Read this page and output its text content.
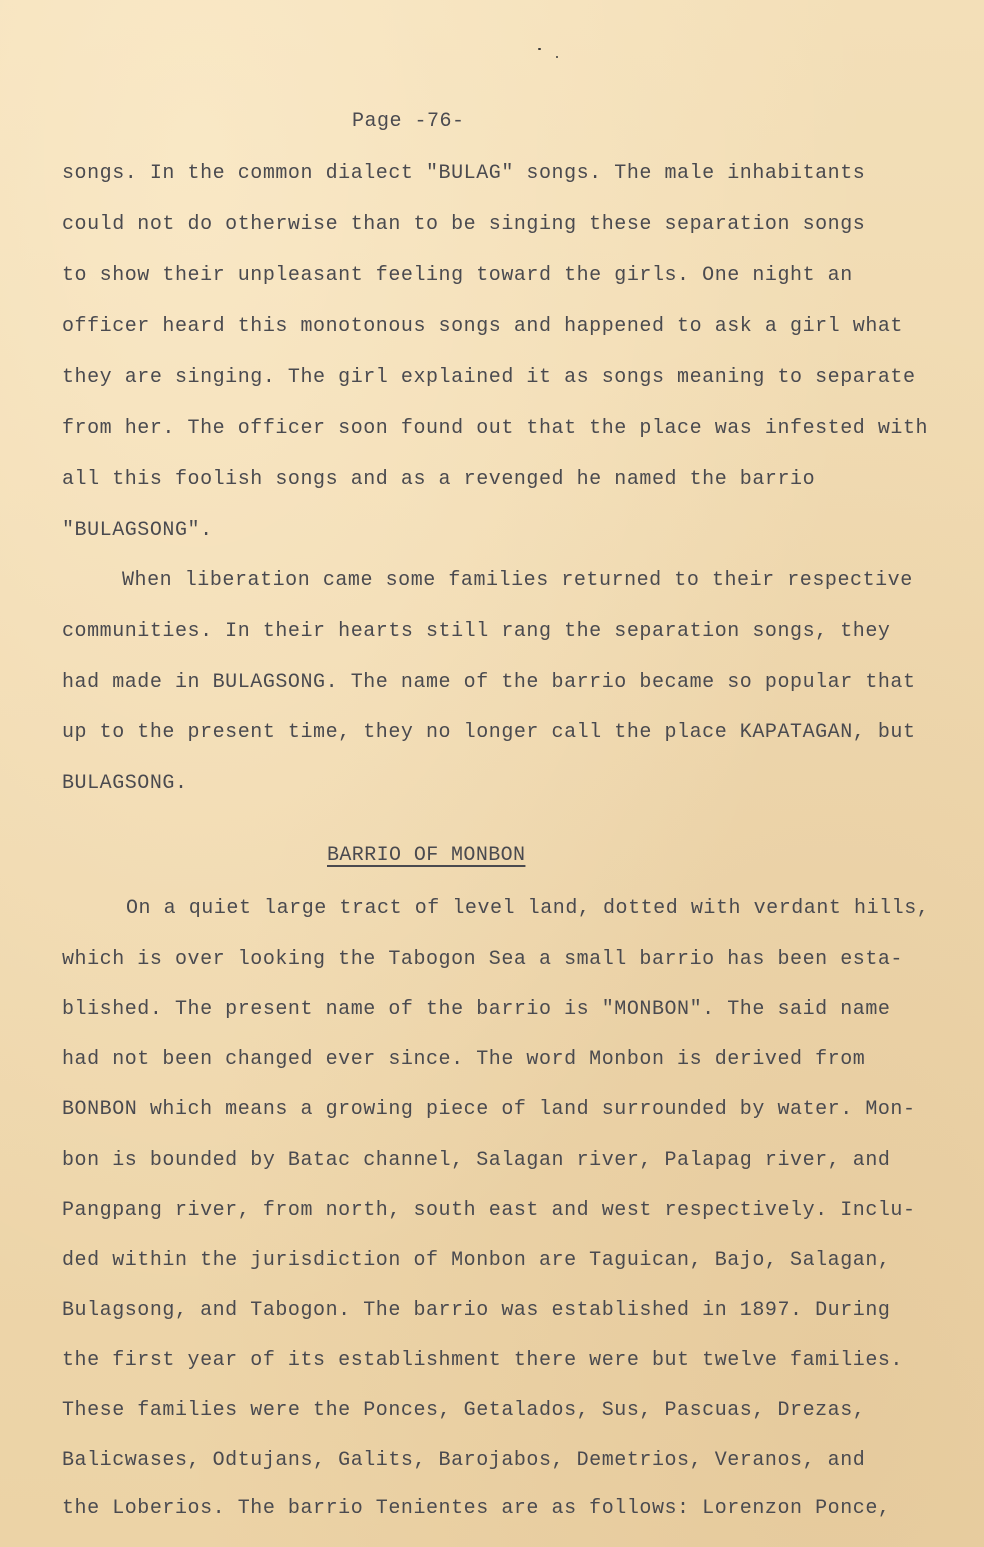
Page -76-
songs. In the common dialect "BULAG" songs. The male inhabitants
could not do otherwise than to be singing these separation songs
to show their unpleasant feeling toward the girls. One night an
officer heard this monotonous songs and happened to ask a girl what
they are singing. The girl explained it as songs meaning to separate
from her. The officer soon found out that the place was infested with
all this foolish songs and as a revenged he named the barrio
"BULAGSONG".
When liberation came some families returned to their respective
communities. In their hearts still rang the separation songs, they
had made in BULAGSONG. The name of the barrio became so popular that
up to the present time, they no longer call the place KAPATAGAN, but
BULAGSONG.
BARRIO OF MONBON
On a quiet large tract of level land, dotted with verdant hills,
which is over looking the Tabogon Sea a small barrio has been esta-
blished. The present name of the barrio is "MONBON". The said name
had not been changed ever since. The word Monbon is derived from
BONBON which means a growing piece of land surrounded by water. Mon-
bon is bounded by Batac channel, Salagan river, Palapag river, and
Pangpang river, from north, south east and west respectively. Inclu-
ded within the jurisdiction of Monbon are Taguican, Bajo, Salagan,
Bulagsong, and Tabogon. The barrio was established in 1897. During
the first year of its establishment there were but twelve families.
These families were the Ponces, Getalados, Sus, Pascuas, Drezas,
Balicwases, Odtujans, Galits, Barojabos, Demetrios, Veranos, and
the Loberios. The barrio Tenientes are as follows: Lorenzon Ponce,
